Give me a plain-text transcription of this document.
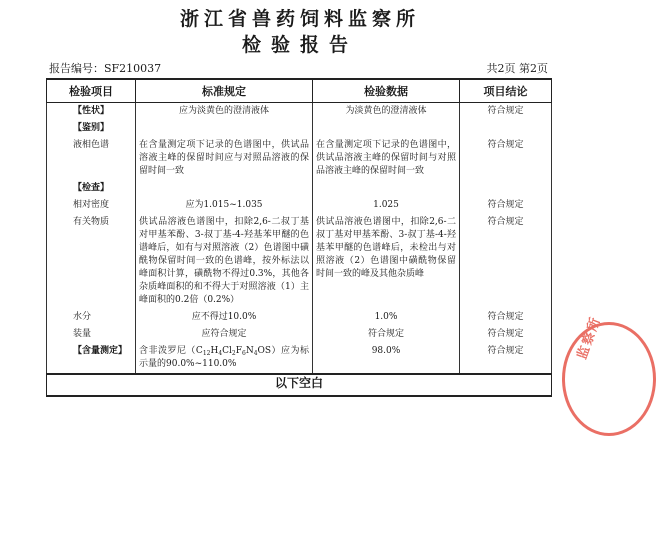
浙江省兽药饲料监察所
检验报告
报告编号：SF210037	共2页 第2页
检验项目	标准规定	检验数据	项目结论
【性状】	应为淡黄色的澄清液体	为淡黄色的澄清液体	符合规定
【鉴别】			
液相色谱	在含量测定项下记录的色谱图中，供试品溶液主峰的保留时间应与对照品溶液的保留时间一致	在含量测定项下记录的色谱图中，供试品溶液主峰的保留时间与对照品溶液主峰的保留时间一致	符合规定
【检查】			
相对密度	应为1.015~1.035	1.025	符合规定
有关物质	供试品溶液色谱图中，扣除2,6-二叔丁基对甲基苯酚、3-叔丁基-4-羟基苯甲醚的色谱峰后，如有与对照溶液（2）色谱图中磺酰物保留时间一致的色谱峰，按外标法以峰面积计算，磺酰物不得过0.3%，其他各杂质峰面积的和不得大于对照溶液（1）主峰面积的0.2倍（0.2%）	供试品溶液色谱图中，扣除2,6-二叔丁基对甲基苯酚、3-叔丁基-4-羟基苯甲醚的色谱峰后，未检出与对照溶液（2）色谱图中磺酰物保留时间一致的峰及其他杂质峰	符合规定
水分	应不得过10.0%	1.0%	符合规定
装量	应符合规定	符合规定	符合规定
【含量测定】	含非泼罗尼$(C_{12}H_4Cl_2F_6N_4OS)$应为标示量的90.0%~110.0%	98.0%	符合规定
以下空白			
监察所
